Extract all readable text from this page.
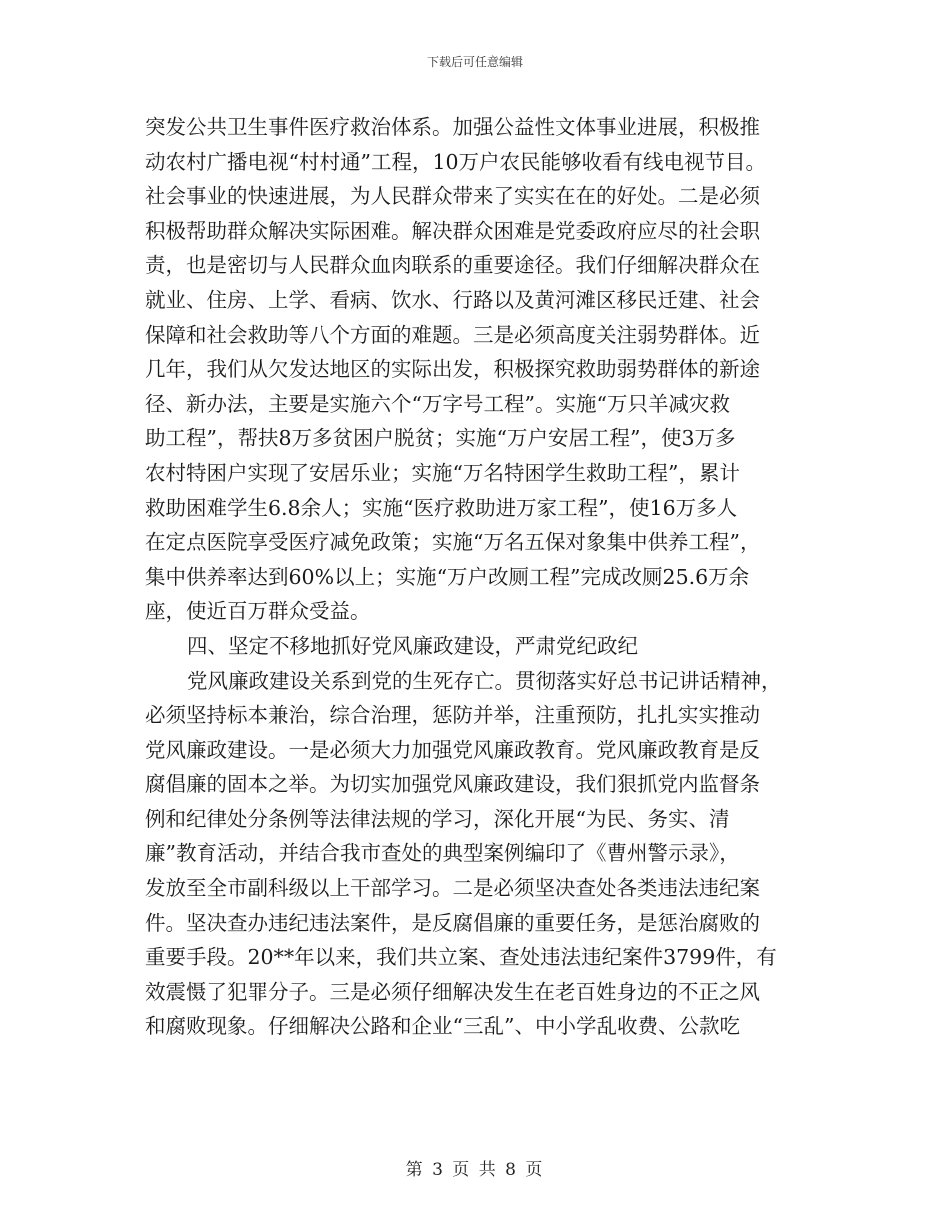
下载后可任意编辑
突发公共卫生事件医疗救治体系。加强公益性文体事业进展，积极推
动农村广播电视“村村通”工程，10万户农民能够收看有线电视节目。
社会事业的快速进展，为人民群众带来了实实在在的好处。二是必须
积极帮助群众解决实际困难。解决群众困难是党委政府应尽的社会职
责，也是密切与人民群众血肉联系的重要途径。我们仔细解决群众在
就业、住房、上学、看病、饮水、行路以及黄河滩区移民迁建、社会
保障和社会救助等八个方面的难题。三是必须高度关注弱势群体。近
几年，我们从欠发达地区的实际出发，积极探究救助弱势群体的新途
径、新办法，主要是实施六个“万字号工程”。实施“万只羊减灾救
助工程”，帮扶8万多贫困户脱贫；实施“万户安居工程”，使3万多
农村特困户实现了安居乐业；实施“万名特困学生救助工程”，累计
救助困难学生6.8余人；实施“医疗救助进万家工程”，使16万多人
在定点医院享受医疗减免政策；实施“万名五保对象集中供养工程”，
集中供养率达到60%以上；实施“万户改厕工程”完成改厕25.6万余
座，使近百万群众受益。
四、坚定不移地抓好党风廉政建设，严肃党纪政纪
党风廉政建设关系到党的生死存亡。贯彻落实好总书记讲话精神，
必须坚持标本兼治，综合治理，惩防并举，注重预防，扎扎实实推动
党风廉政建设。一是必须大力加强党风廉政教育。党风廉政教育是反
腐倡廉的固本之举。为切实加强党风廉政建设，我们狠抓党内监督条
例和纪律处分条例等法律法规的学习，深化开展“为民、务实、清
廉”教育活动，并结合我市查处的典型案例编印了《曹州警示录》，
发放至全市副科级以上干部学习。二是必须坚决查处各类违法违纪案
件。坚决查办违纪违法案件，是反腐倡廉的重要任务，是惩治腐败的
重要手段。20**年以来，我们共立案、查处违法违纪案件3799件，有
效震慑了犯罪分子。三是必须仔细解决发生在老百姓身边的不正之风
和腐败现象。仔细解决公路和企业“三乱”、中小学乱收费、公款吃
第 3 页 共 8 页
